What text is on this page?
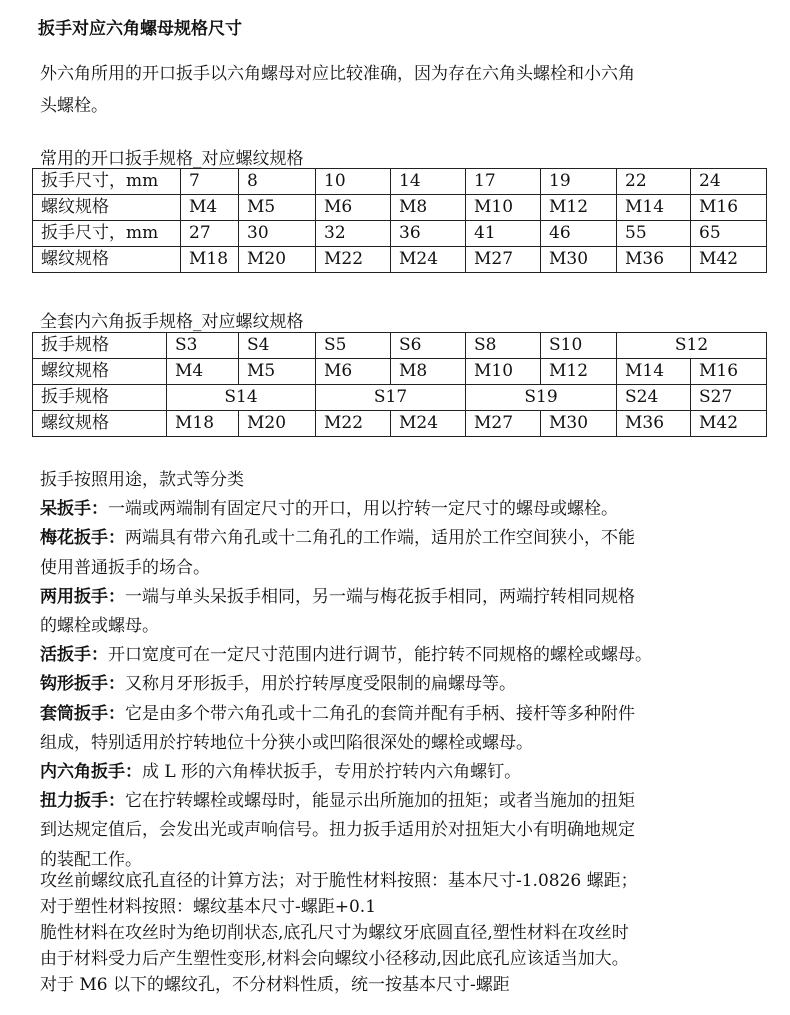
扳手对应六角螺母规格尺寸
外六角所用的开口扳手以六角螺母对应比较准确，因为存在六角头螺栓和小六角
头螺栓。
常用的开口扳手规格_对应螺纹规格
扳手尺寸，mm	7	8	10	14	17	19	22	24
螺纹规格	M4	M5	M6	M8	M10	M12	M14	M16
扳手尺寸，mm	27	30	32	36	41	46	55	65
螺纹规格	M18	M20	M22	M24	M27	M30	M36	M42
全套内六角扳手规格_对应螺纹规格
扳手规格	S3	S4	S5	S6	S8	S10	S12	
螺纹规格	M4	M5	M6	M8	M10	M12	M14	M16
扳手规格	S14		S17		S19		S24	S27
螺纹规格	M18	M20	M22	M24	M27	M30	M36	M42
扳手按照用途，款式等分类
呆扳手：一端或两端制有固定尺寸的开口，用以拧转一定尺寸的螺母或螺栓。
梅花扳手：两端具有带六角孔或十二角孔的工作端，适用於工作空间狭小，不能
使用普通扳手的场合。
两用扳手：一端与单头呆扳手相同，另一端与梅花扳手相同，两端拧转相同规格
的螺栓或螺母。
活扳手：开口宽度可在一定尺寸范围内进行调节，能拧转不同规格的螺栓或螺母。
钩形扳手：又称月牙形扳手，用於拧转厚度受限制的扁螺母等。
套筒扳手：它是由多个带六角孔或十二角孔的套筒并配有手柄、接杆等多种附件
组成，特别适用於拧转地位十分狭小或凹陷很深处的螺栓或螺母。
内六角扳手：成 L 形的六角棒状扳手，专用於拧转内六角螺钉。
扭力扳手：它在拧转螺栓或螺母时，能显示出所施加的扭矩；或者当施加的扭矩
到达规定值后，会发出光或声响信号。扭力扳手适用於对扭矩大小有明确地规定
的装配工作。
攻丝前螺纹底孔直径的计算方法；对于脆性材料按照：基本尺寸-1.0826 螺距；
对于塑性材料按照：螺纹基本尺寸-螺距+0.1
脆性材料在攻丝时为绝切削状态,底孔尺寸为螺纹牙底圆直径,塑性材料在攻丝时
由于材料受力后产生塑性变形,材料会向螺纹小径移动,因此底孔应该适当加大。
对于 M6 以下的螺纹孔，不分材料性质，统一按基本尺寸-螺距
